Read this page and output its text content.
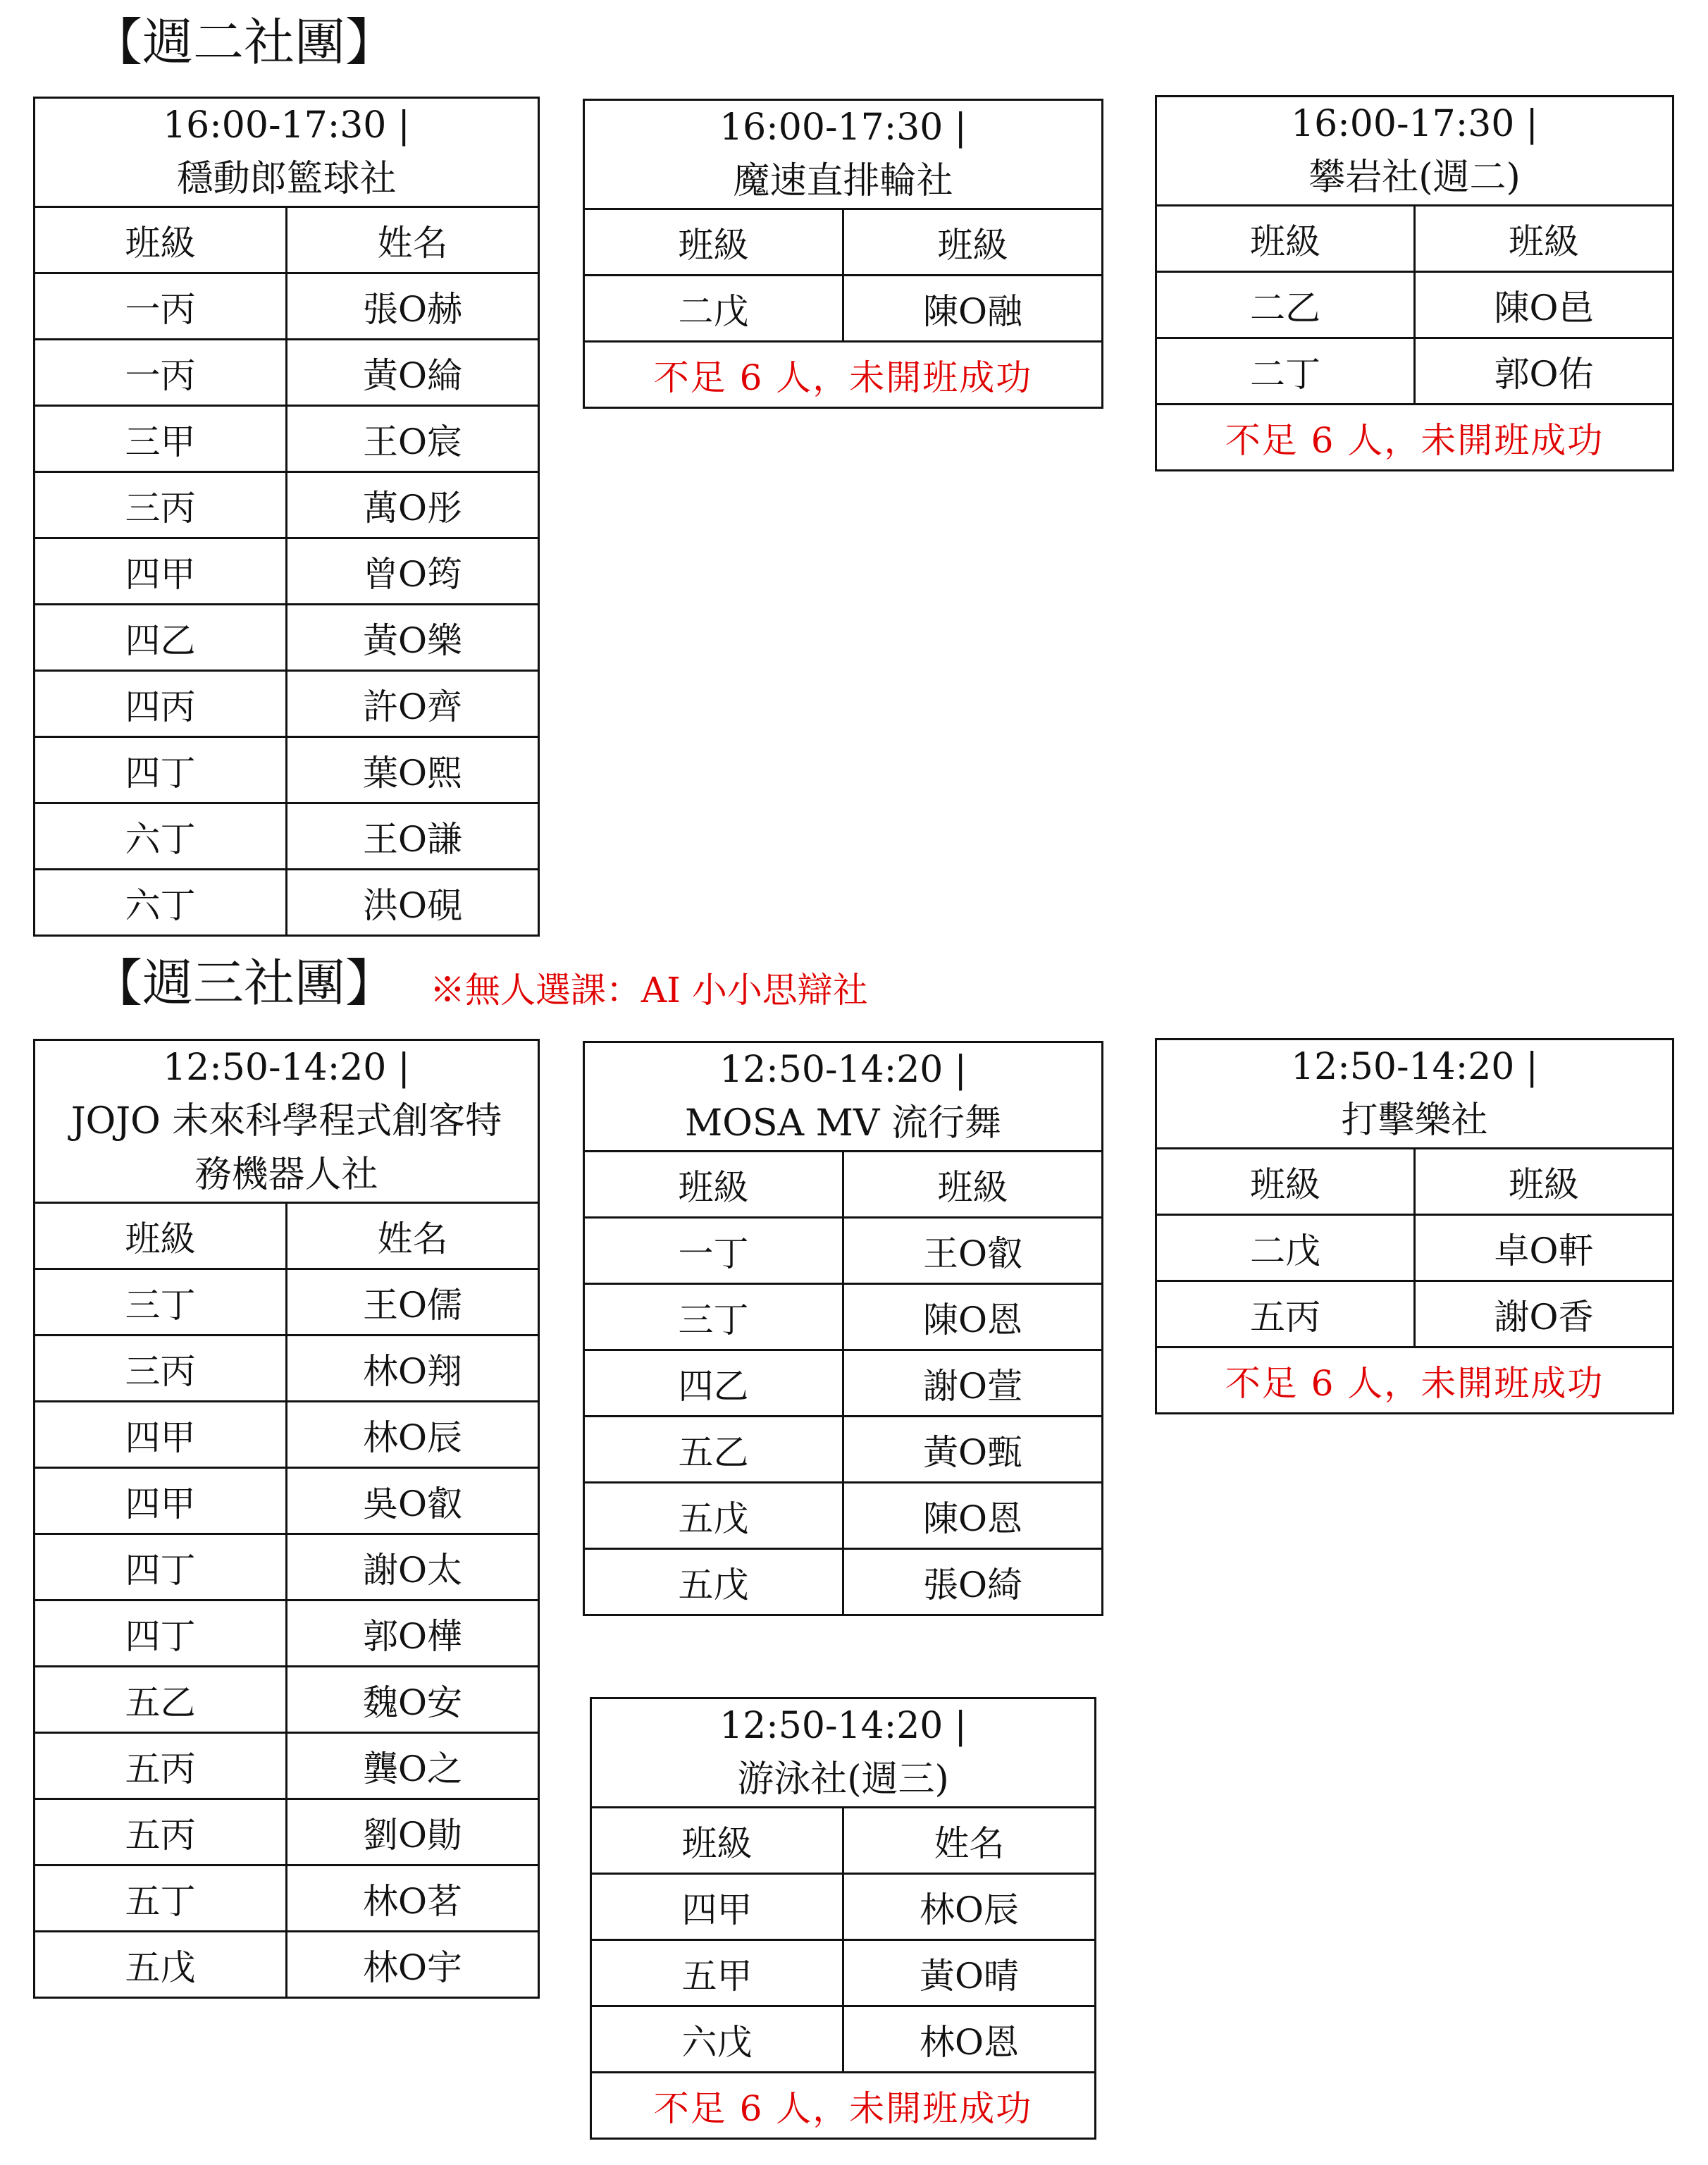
【週二社團】
16:00-17:30 |
穩動郎籃球社	

班級	姓名
一丙	張O赫
一丙	黃O綸
三甲	王O宸
三丙	萬O彤
四甲	曾O筠
四乙	黃O樂
四丙	許O齊
四丁	葉O熙
六丁	王O謙
六丁	洪O硯
16:00-17:30 |
魔速直排輪社	

班級	班級
二戊	陳O融
不足 6 人，未開班成功	
16:00-17:30 |
攀岩社(週二)	

班級	班級
二乙	陳O邑
二丁	郭O佑
不足 6 人，未開班成功	
【週三社團】 ※無人選課：AI 小小思辯社
12:50-14:20 |
JOJO 未來科學程式創客特
務機器人社	

班級	姓名
三丁	王O儒
三丙	林O翔
四甲	林O辰
四甲	吳O叡
四丁	謝O太
四丁	郭O樺
五乙	魏O安
五丙	龔O之
五丙	劉O勛
五丁	林O茗
五戊	林O宇
12:50-14:20 |
MOSA MV 流行舞	

班級	班級
一丁	王O叡
三丁	陳O恩
四乙	謝O萱
五乙	黃O甄
五戊	陳O恩
五戊	張O綺
12:50-14:20 |
打擊樂社	

班級	班級
二戊	卓O軒
五丙	謝O香
不足 6 人，未開班成功	
12:50-14:20 |
游泳社(週三)	

班級	姓名
四甲	林O辰
五甲	黃O晴
六戊	林O恩
不足 6 人，未開班成功	
